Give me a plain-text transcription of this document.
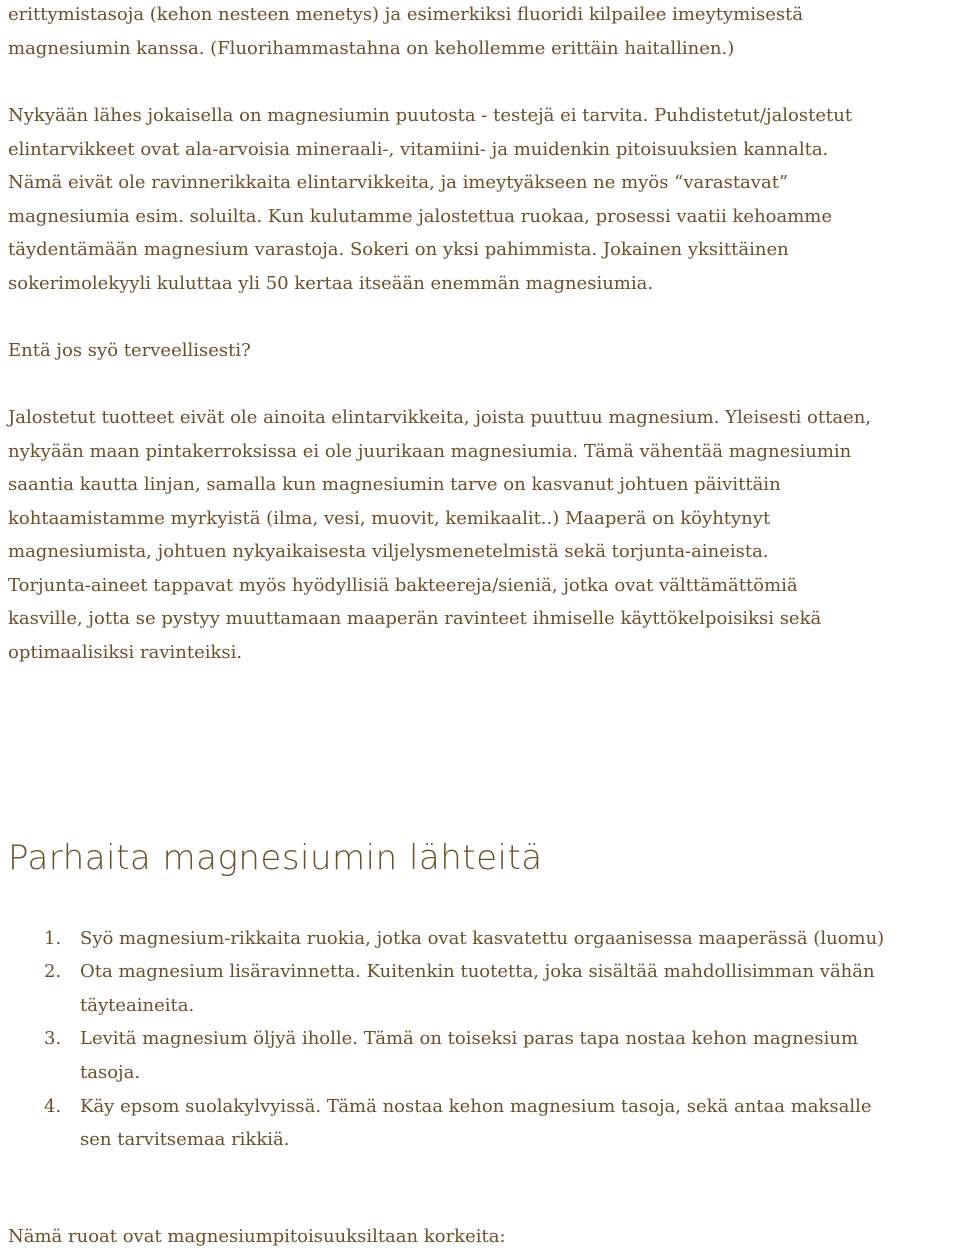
erittymistasoja (kehon nesteen menetys) ja esimerkiksi fluoridi kilpailee imeytymisestä
magnesiumin kanssa. (Fluorihammastahna on kehollemme erittäin haitallinen.)
Nykyään lähes jokaisella on magnesiumin puutosta - testejä ei tarvita. Puhdistetut/jalostetut
elintarvikkeet ovat ala-arvoisia mineraali-, vitamiini- ja muidenkin pitoisuuksien kannalta.
Nämä eivät ole ravinnerikkaita elintarvikkeita, ja imeytyäkseen ne myös “varastavat”
magnesiumia esim. soluilta. Kun kulutamme jalostettua ruokaa, prosessi vaatii kehoamme
täydentämään magnesium varastoja. Sokeri on yksi pahimmista. Jokainen yksittäinen
sokerimolekyyli kuluttaa yli 50 kertaa itseään enemmän magnesiumia.
Entä jos syö terveellisesti?
Jalostetut tuotteet eivät ole ainoita elintarvikkeita, joista puuttuu magnesium. Yleisesti ottaen,
nykyään maan pintakerroksissa ei ole juurikaan magnesiumia. Tämä vähentää magnesiumin
saantia kautta linjan, samalla kun magnesiumin tarve on kasvanut johtuen päivittäin
kohtaamistamme myrkyistä (ilma, vesi, muovit, kemikaalit..) Maaperä on köyhtynyt
magnesiumista, johtuen nykyaikaisesta viljelysmenetelmistä sekä torjunta-aineista.
Torjunta-aineet tappavat myös hyödyllisiä bakteereja/sieniä, jotka ovat välttämättömiä
kasville, jotta se pystyy muuttamaan maaperän ravinteet ihmiselle käyttökelpoisiksi sekä
optimaalisiksi ravinteiksi.
Parhaita magnesiumin lähteitä
1. Syö magnesium-rikkaita ruokia, jotka ovat kasvatettu orgaanisessa maaperässä (luomu)
2. Ota magnesium lisäravinnetta. Kuitenkin tuotetta, joka sisältää mahdollisimman vähän
täyteaineita.
3. Levitä magnesium öljyä iholle. Tämä on toiseksi paras tapa nostaa kehon magnesium
tasoja.
4. Käy epsom suolakylvyissä. Tämä nostaa kehon magnesium tasoja, sekä antaa maksalle
sen tarvitsemaa rikkiä.
Nämä ruoat ovat magnesiumpitoisuuksiltaan korkeita:
